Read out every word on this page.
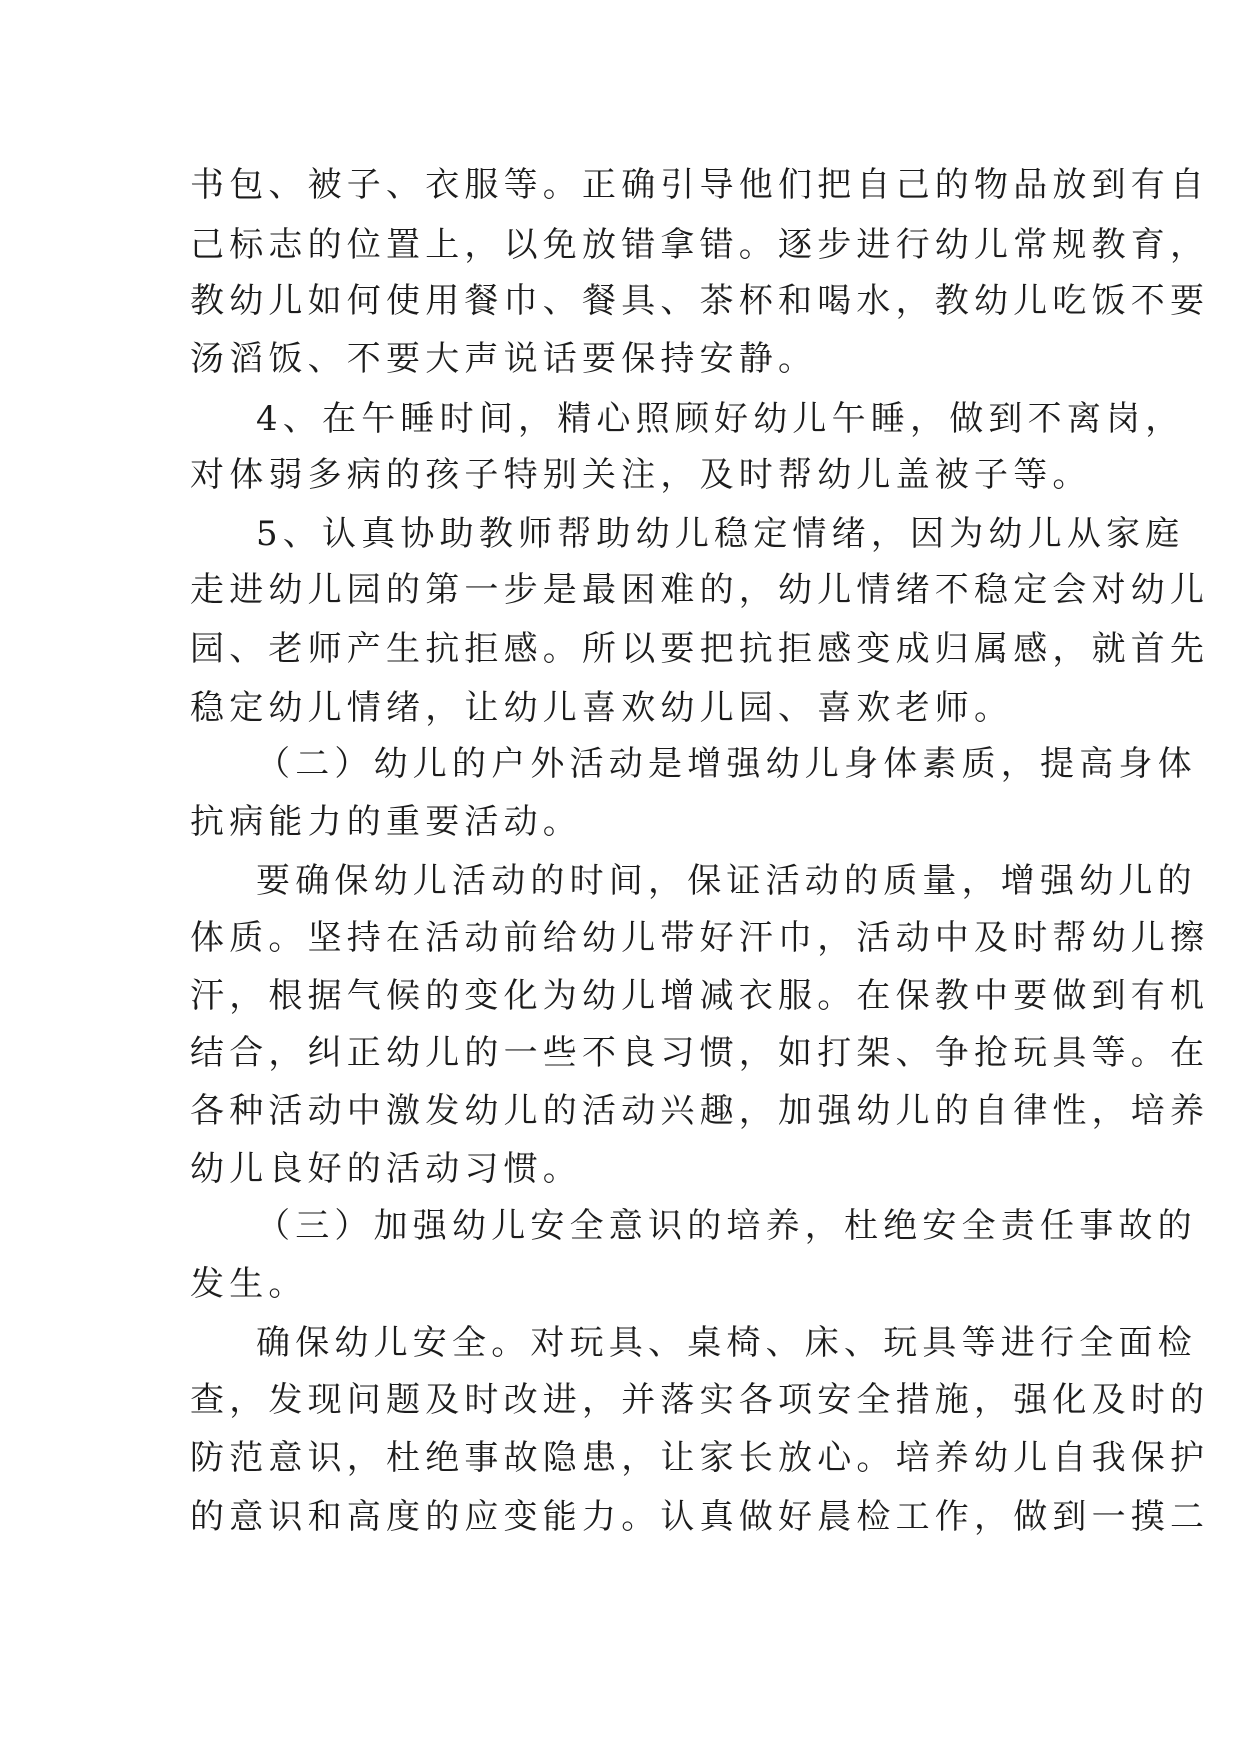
书包、被子、衣服等。正确引导他们把自己的物品放到有自
己标志的位置上，以免放错拿错。逐步进行幼儿常规教育，
教幼儿如何使用餐巾、餐具、茶杯和喝水，教幼儿吃饭不要
汤滔饭、不要大声说话要保持安静。
4、在午睡时间，精心照顾好幼儿午睡，做到不离岗，
对体弱多病的孩子特别关注，及时帮幼儿盖被子等。
5、认真协助教师帮助幼儿稳定情绪，因为幼儿从家庭
走进幼儿园的第一步是最困难的，幼儿情绪不稳定会对幼儿
园、老师产生抗拒感。所以要把抗拒感变成归属感，就首先
稳定幼儿情绪，让幼儿喜欢幼儿园、喜欢老师。
（二）幼儿的户外活动是增强幼儿身体素质，提高身体
抗病能力的重要活动。
要确保幼儿活动的时间，保证活动的质量，增强幼儿的
体质。坚持在活动前给幼儿带好汗巾，活动中及时帮幼儿擦
汗，根据气候的变化为幼儿增减衣服。在保教中要做到有机
结合，纠正幼儿的一些不良习惯，如打架、争抢玩具等。在
各种活动中激发幼儿的活动兴趣，加强幼儿的自律性，培养
幼儿良好的活动习惯。
（三）加强幼儿安全意识的培养，杜绝安全责任事故的
发生。
确保幼儿安全。对玩具、桌椅、床、玩具等进行全面检
查，发现问题及时改进，并落实各项安全措施，强化及时的
防范意识，杜绝事故隐患，让家长放心。培养幼儿自我保护
的意识和高度的应变能力。认真做好晨检工作，做到一摸二
